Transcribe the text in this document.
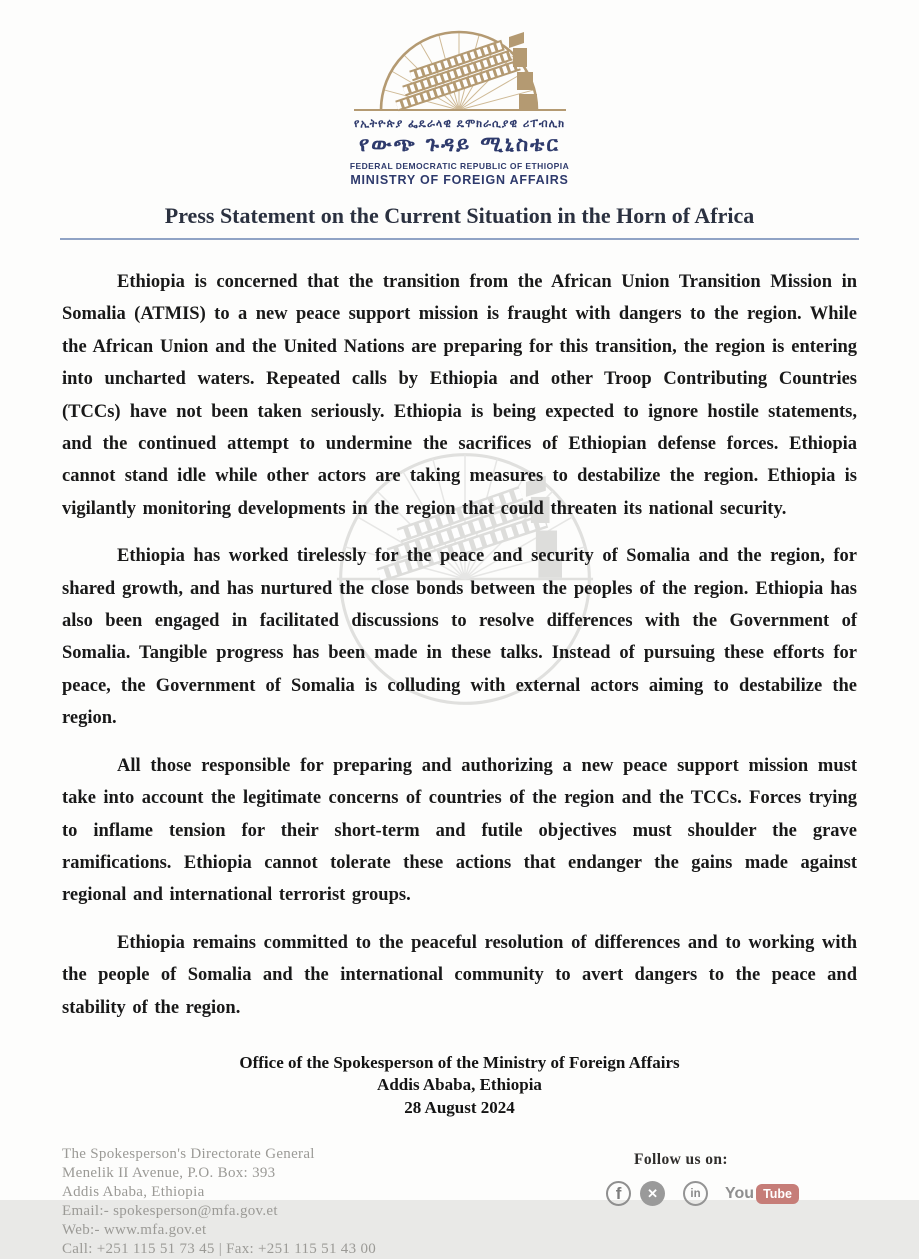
የኢትዮጵያ ፌዴራላዊ ዴሞክራሲያዊ ሪፐብሊክ
የውጭ ጉዳይ ሚኒስቴር
FEDERAL DEMOCRATIC REPUBLIC OF ETHIOPIA
MINISTRY OF FOREIGN AFFAIRS
Press Statement on the Current Situation in the Horn of Africa

Ethiopia is concerned that the transition from the African Union Transition Mission in Somalia (ATMIS) to a new peace support mission is fraught with dangers to the region. While the African Union and the United Nations are preparing for this transition, the region is entering into uncharted waters. Repeated calls by Ethiopia and other Troop Contributing Countries (TCCs) have not been taken seriously. Ethiopia is being expected to ignore hostile statements, and the continued attempt to undermine the sacrifices of Ethiopian defense forces. Ethiopia cannot stand idle while other actors are taking measures to destabilize the region. Ethiopia is vigilantly monitoring developments in the region that could threaten its national security.

Ethiopia has worked tirelessly for the peace and security of Somalia and the region, for shared growth, and has nurtured the close bonds between the peoples of the region. Ethiopia has also been engaged in facilitated discussions to resolve differences with the Government of Somalia. Tangible progress has been made in these talks. Instead of pursuing these efforts for peace, the Government of Somalia is colluding with external actors aiming to destabilize the region.

All those responsible for preparing and authorizing a new peace support mission must take into account the legitimate concerns of countries of the region and the TCCs. Forces trying to inflame tension for their short-term and futile objectives must shoulder the grave ramifications. Ethiopia cannot tolerate these actions that endanger the gains made against regional and international terrorist groups.

Ethiopia remains committed to the peaceful resolution of differences and to working with the people of Somalia and the international community to avert dangers to the peace and stability of the region.

Office of the Spokesperson of the Ministry of Foreign Affairs
Addis Ababa, Ethiopia
28 August 2024
The Spokesperson's Directorate General
Menelik II Avenue, P.O. Box: 393
Addis Ababa, Ethiopia
Email:- spokesperson@mfa.gov.et
Web:- www.mfa.gov.et
Call: +251 115 51 73 45 | Fax: +251 115 51 43 00
Follow us on:
f	✕	in	You Tube
